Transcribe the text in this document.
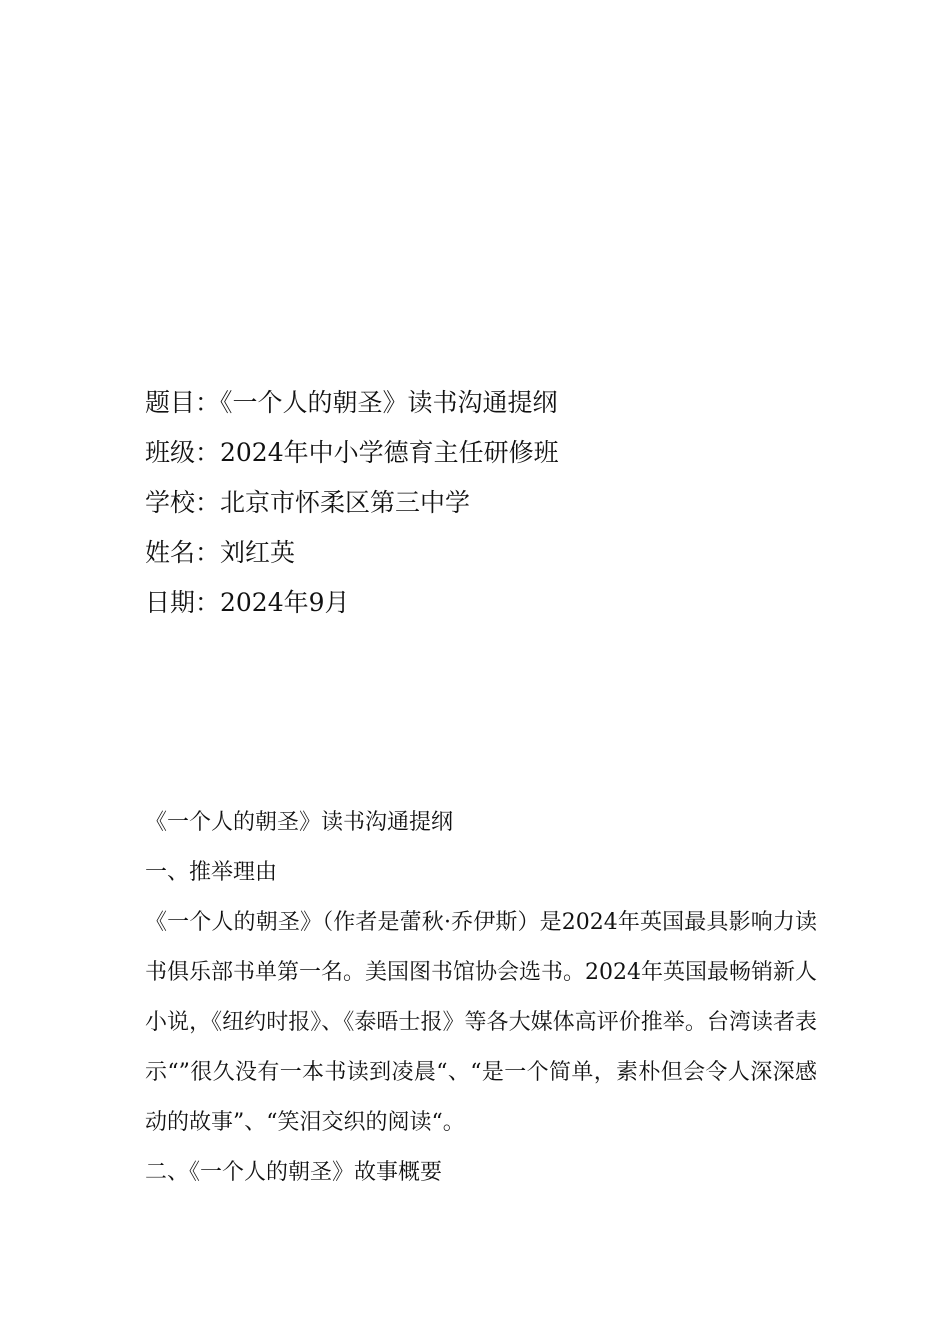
题目：《一个人的朝圣》读书沟通提纲
班级：2024年中小学德育主任研修班
学校：北京市怀柔区第三中学
姓名：刘红英
日期：2024年9月
《一个人的朝圣》读书沟通提纲
一、推举理由
《一个人的朝圣》（作者是蕾秋·乔伊斯）是2024年英国最具影响力读书俱乐部书单第一名。美国图书馆协会选书。2024年英国最畅销新人小说，《纽约时报》、《泰晤士报》等各大媒体高评价推举。台湾读者表示“”很久没有一本书读到凌晨“、“是一个简单，素朴但会令人深深感动的故事”、“笑泪交织的阅读“。
二、《一个人的朝圣》故事概要
